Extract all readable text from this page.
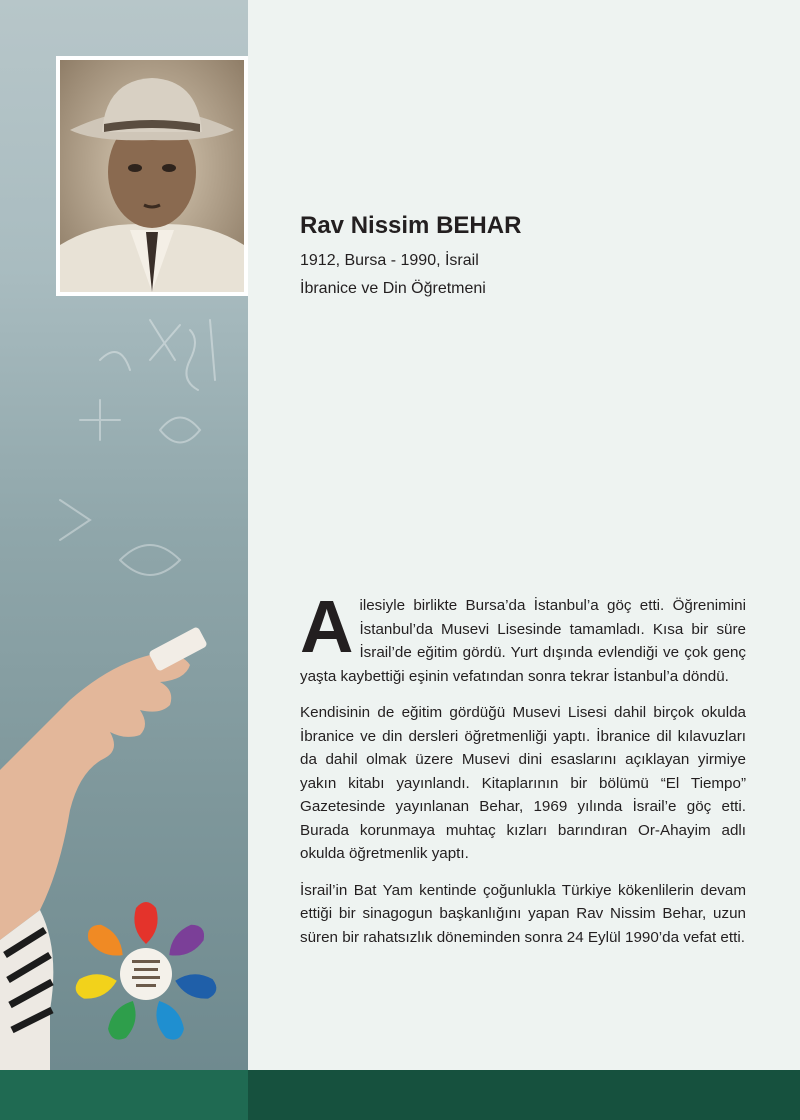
Rav Nissim BEHAR

1912, Bursa - 1990, İsrail

İbranice ve Din Öğretmeni

Ailesiyle birlikte Bursa’da İstanbul’a göç etti. Öğrenimini İstanbul’da Musevi Lisesinde tamamladı. Kısa bir süre İsrail’de eğitim gördü. Yurt dışında evlendiği ve çok genç yaşta kaybettiği eşinin vefatından sonra tekrar İstanbul’a döndü.

Kendisinin de eğitim gördüğü Musevi Lisesi dahil birçok okulda İbranice ve din dersleri öğretmenliği yaptı. İbranice dil kılavuzları da dahil olmak üzere Musevi dini esaslarını açıklayan yirmiye yakın kitabı yayınlandı. Kitaplarının bir bölümü “El Tiempo” Gazetesinde yayınlanan Behar, 1969 yılında İsrail’e göç etti. Burada korunmaya muhtaç kızları barındıran Or-Ahayim adlı okulda öğretmenlik yaptı.

İsrail’in Bat Yam kentinde çoğunlukla Türkiye kökenlilerin devam ettiği bir sinagogun başkanlığını yapan Rav Nissim Behar, uzun süren bir rahatsızlık döneminden sonra 24 Eylül 1990’da vefat etti.
